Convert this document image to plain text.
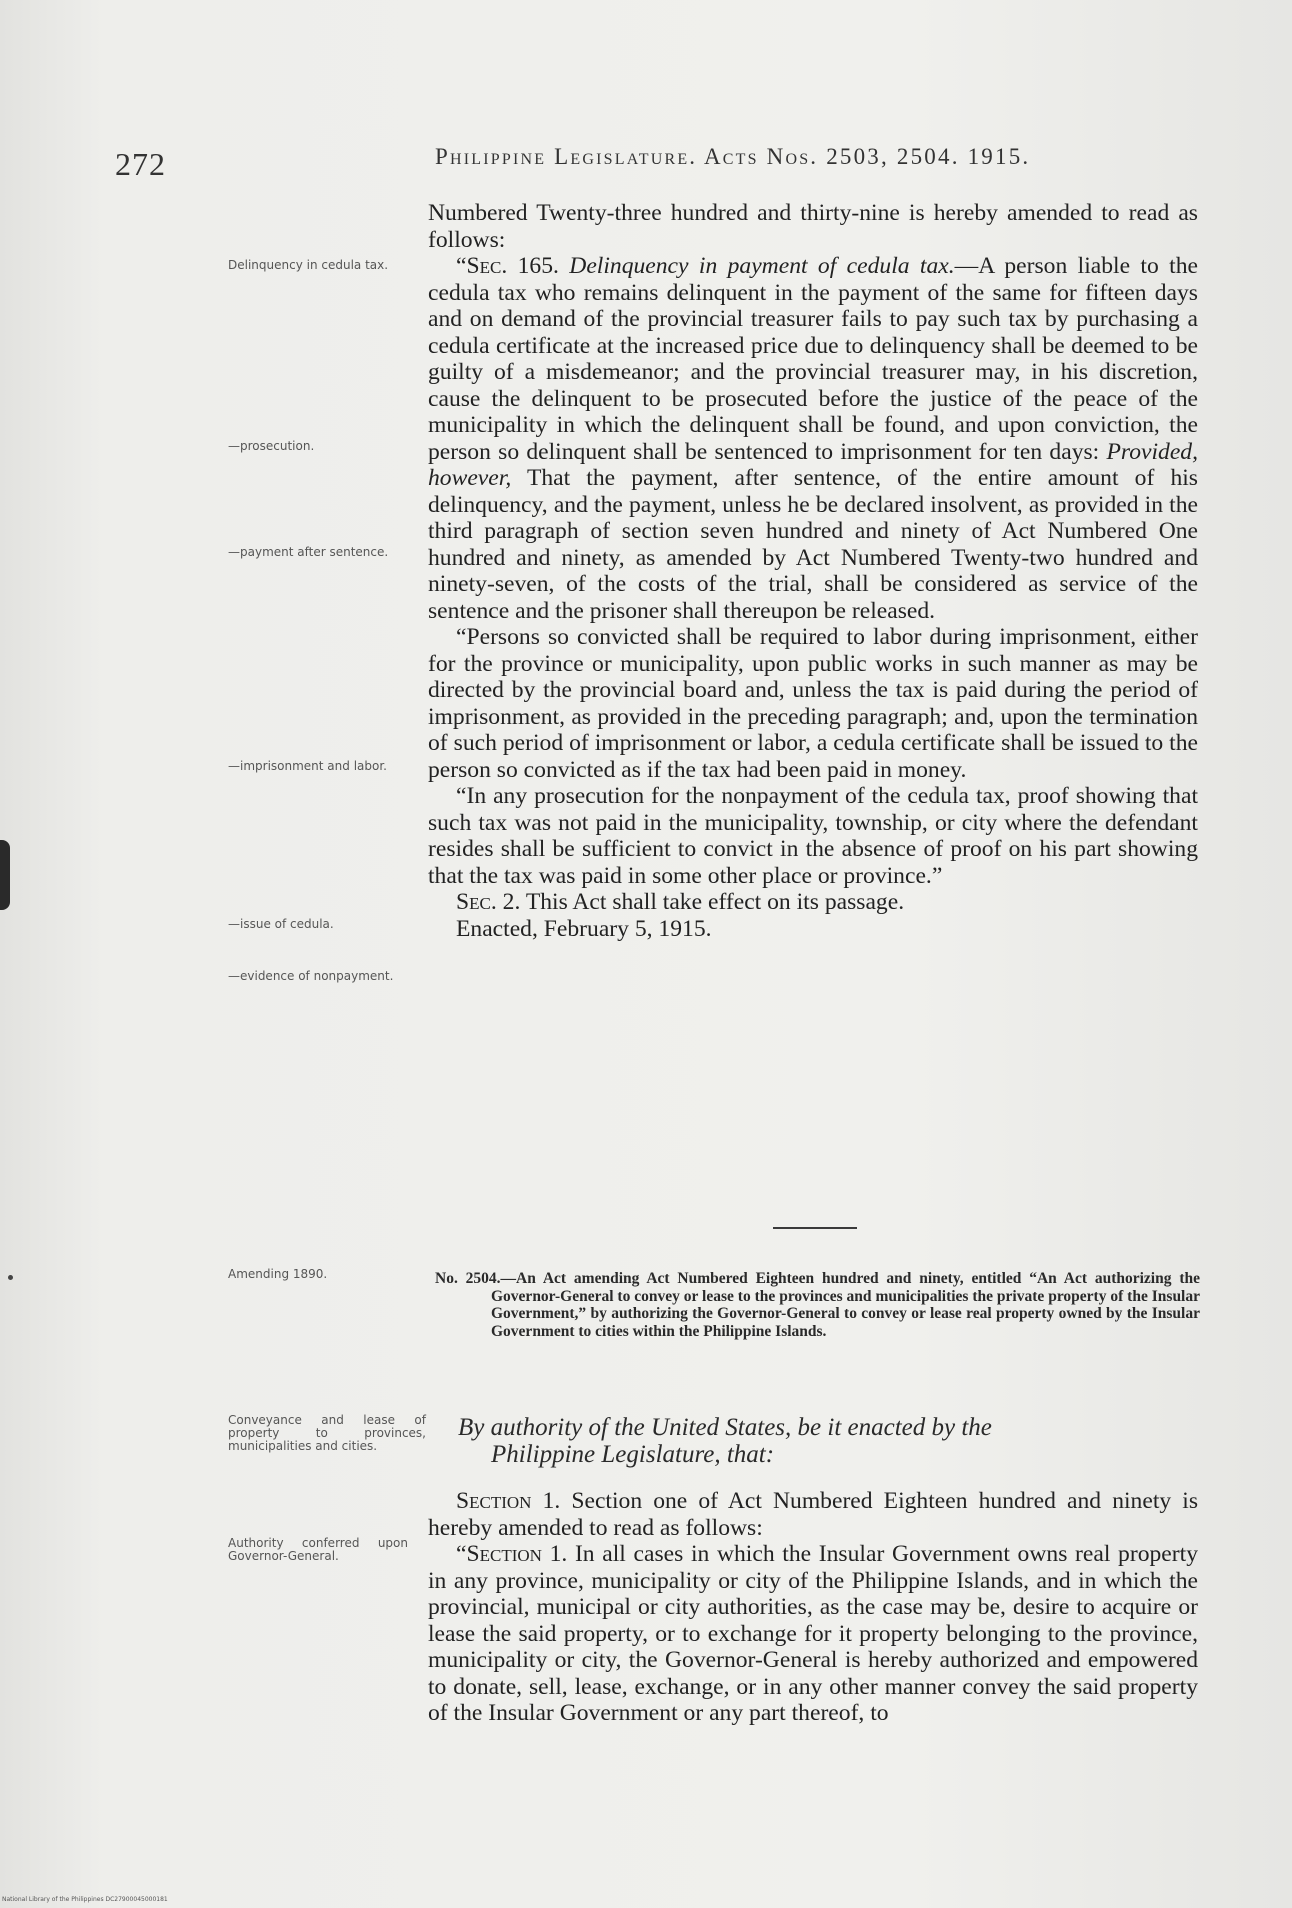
272	Philippine Legislature. Acts Nos. 2503, 2504. 1915.

Numbered Twenty-three hundred and thirty-nine is hereby amended to read as follows:

“Sec. 165. Delinquency in payment of cedula tax.—A person liable to the cedula tax who remains delinquent in the payment of the same for fifteen days and on demand of the provincial treasurer fails to pay such tax by purchasing a cedula certificate at the increased price due to delinquency shall be deemed to be guilty of a misdemeanor; and the provincial treasurer may, in his discretion, cause the delinquent to be prosecuted before the justice of the peace of the municipality in which the delinquent shall be found, and upon conviction, the person so delinquent shall be sentenced to imprisonment for ten days: Provided, however, That the payment, after sentence, of the entire amount of his delinquency, and the payment, unless he be declared insolvent, as provided in the third paragraph of section seven hundred and ninety of Act Numbered One hundred and ninety, as amended by Act Numbered Twenty-two hundred and ninety-seven, of the costs of the trial, shall be considered as service of the sentence and the prisoner shall thereupon be released.

“Persons so convicted shall be required to labor during imprisonment, either for the province or municipality, upon public works in such manner as may be directed by the provincial board and, unless the tax is paid during the period of imprisonment, as provided in the preceding paragraph; and, upon the termination of such period of imprisonment or labor, a cedula certificate shall be issued to the person so convicted as if the tax had been paid in money.

“In any prosecution for the nonpayment of the cedula tax, proof showing that such tax was not paid in the municipality, township, or city where the defendant resides shall be sufficient to convict in the absence of proof on his part showing that the tax was paid in some other place or province.”

Sec. 2. This Act shall take effect on its passage.

Enacted, February 5, 1915.

Delinquency in cedula tax.
—prosecution.
—payment after sentence.
—imprisonment and labor.
—issue of cedula.
—evidence of nonpayment.
Amending 1890.
Conveyance and lease of property to provinces, municipalities and cities.
Authority conferred upon Governor-General.
No. 2504.—An Act amending Act Numbered Eighteen hundred and ninety, entitled “An Act authorizing the Governor-General to convey or lease to the provinces and municipalities the private property of the Insular Government,” by authorizing the Governor-General to convey or lease real property owned by the Insular Government to cities within the Philippine Islands.
By authority of the United States, be it enacted by the
Philippine Legislature, that:

Section 1. Section one of Act Numbered Eighteen hundred and ninety is hereby amended to read as follows:

“Section 1. In all cases in which the Insular Government owns real property in any province, municipality or city of the Philippine Islands, and in which the provincial, municipal or city authorities, as the case may be, desire to acquire or lease the said property, or to exchange for it property belonging to the province, municipality or city, the Governor-General is hereby authorized and empowered to donate, sell, lease, exchange, or in any other manner convey the said property of the Insular Government or any part thereof, to

National Library of the Philippines DC27900045000181
